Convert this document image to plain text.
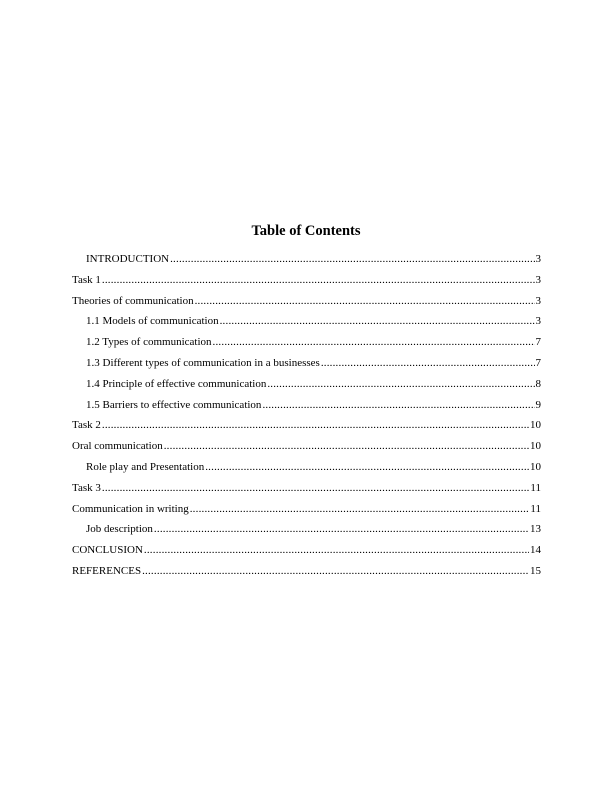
Table of Contents
INTRODUCTION .....	3
Task 1 .....	3
Theories of communication .....	3
1.1 Models of communication .....	3
1.2 Types of communication .....	7
1.3 Different types of communication in a businesses .....	7
1.4 Principle of effective communication .....	8
1.5 Barriers to effective communication .....	9
Task 2 .....	10
Oral communication .....	10
Role play and Presentation .....	10
Task 3 .....	11
Communication in writing .....	11
Job description .....	13
CONCLUSION .....	14
REFERENCES .....	15
